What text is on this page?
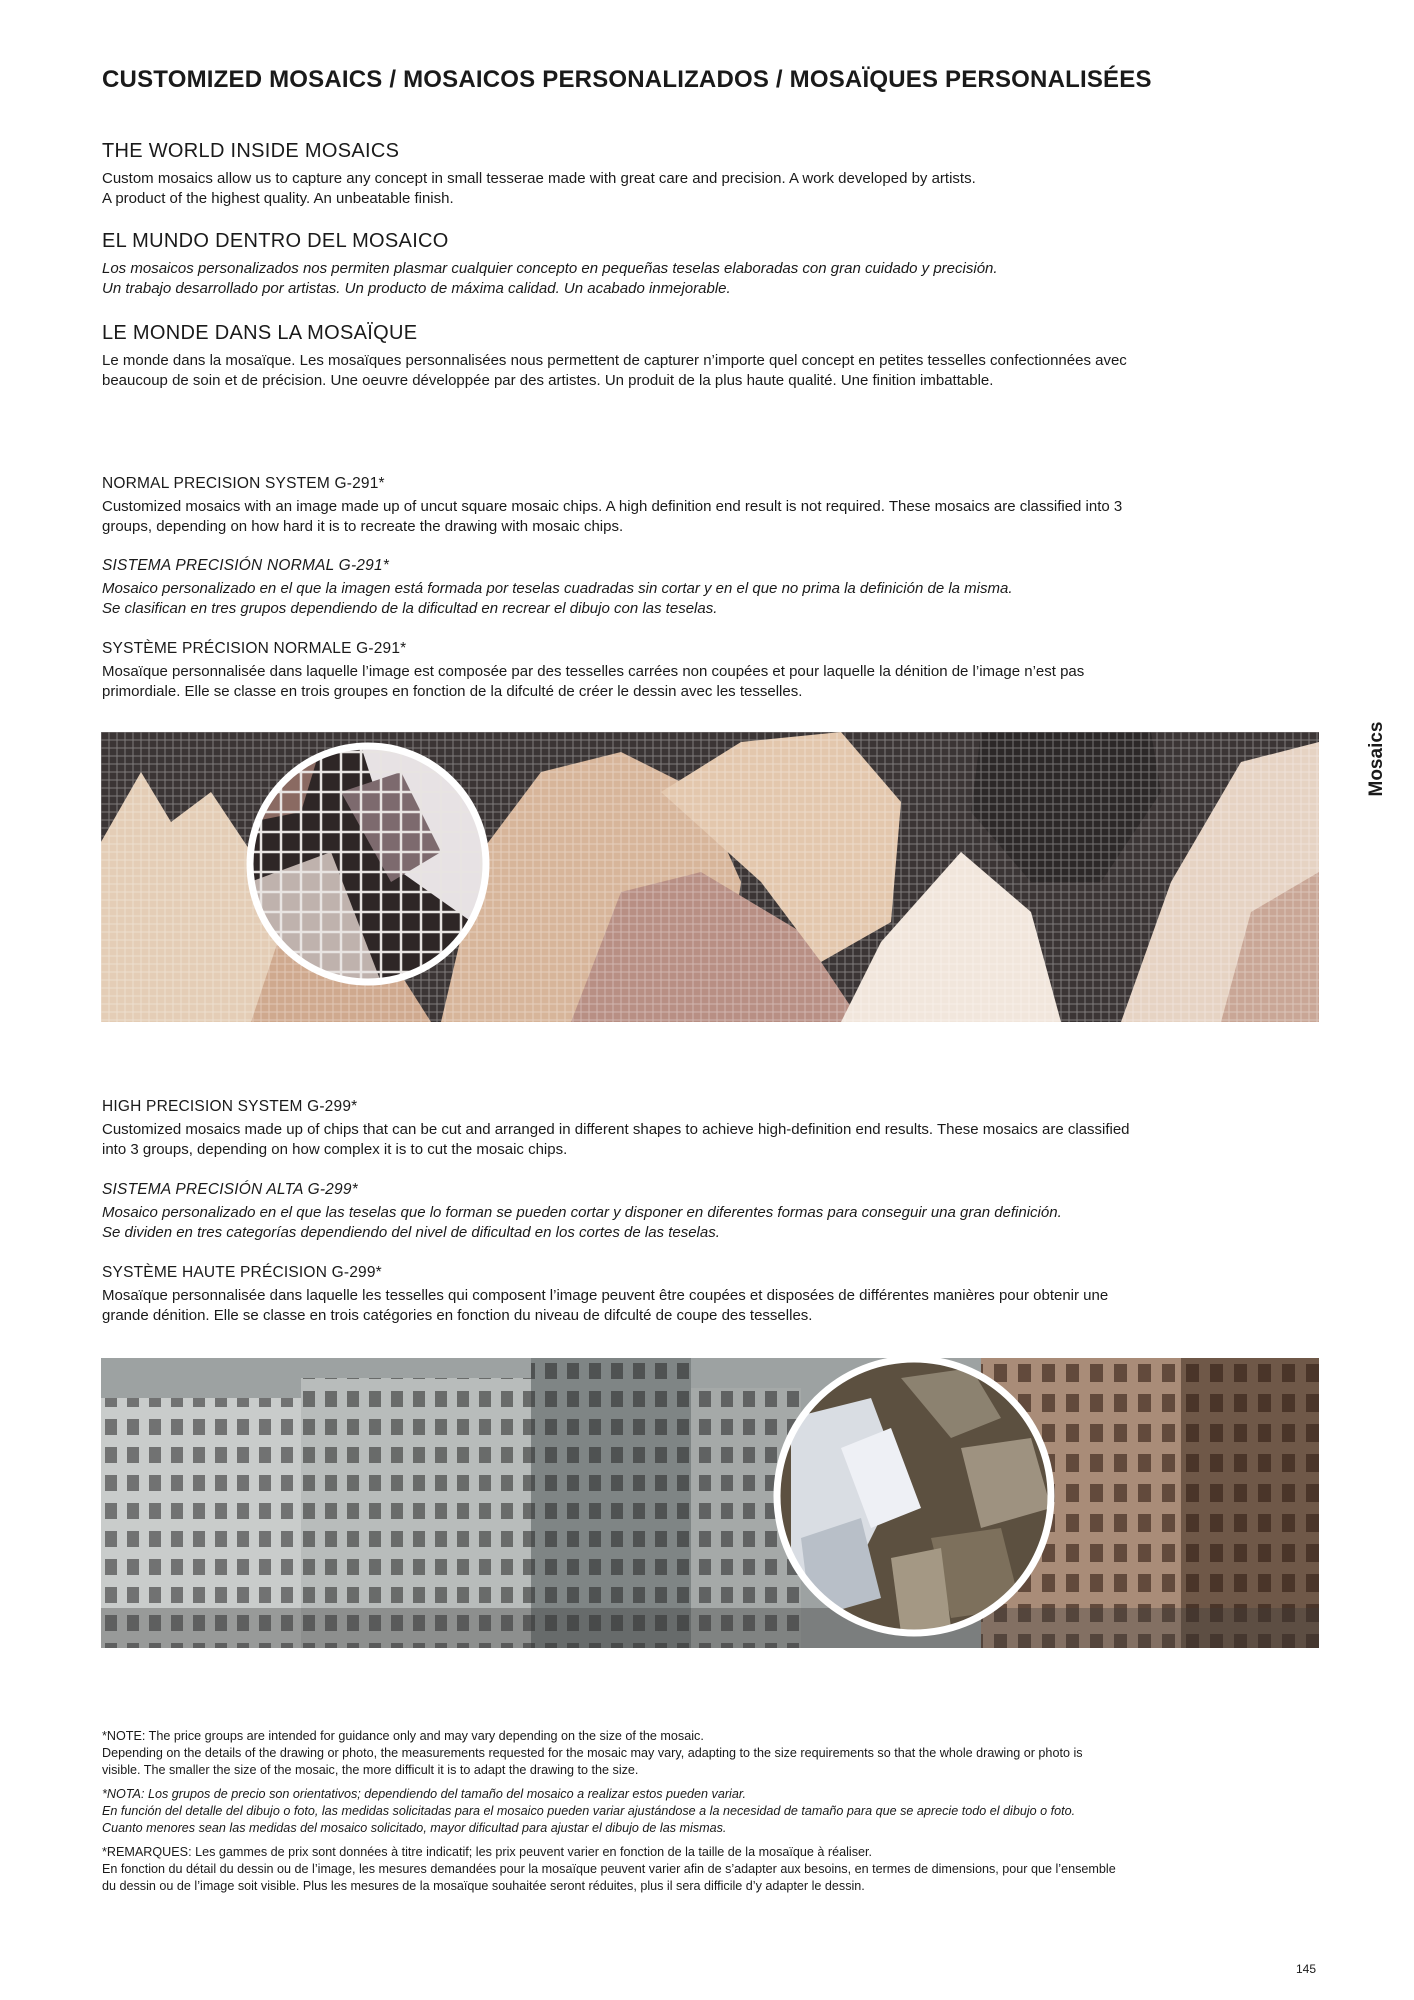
CUSTOMIZED MOSAICS / MOSAICOS PERSONALIZADOS / MOSAÏQUES PERSONALISÉES
Mosaics
THE WORLD INSIDE MOSAICS

Custom mosaics allow us to capture any concept in small tesserae made with great care and precision. A work developed by artists.

A product of the highest quality. An unbeatable finish.

EL MUNDO DENTRO DEL MOSAICO

Los mosaicos personalizados nos permiten plasmar cualquier concepto en pequeñas teselas elaboradas con gran cuidado y precisión.

Un trabajo desarrollado por artistas. Un producto de máxima calidad. Un acabado inmejorable.

LE MONDE DANS LA MOSAÏQUE

Le monde dans la mosaïque. Les mosaïques personnalisées nous permettent de capturer n’importe quel concept en petites tesselles confectionnées avec

beaucoup de soin et de précision. Une oeuvre développée par des artistes. Un produit de la plus haute qualité. Une finition imbattable.

NORMAL PRECISION SYSTEM G-291*

Customized mosaics with an image made up of uncut square mosaic chips. A high definition end result is not required. These mosaics are classified into 3

groups, depending on how hard it is to recreate the drawing with mosaic chips.

SISTEMA PRECISIÓN NORMAL G-291*

Mosaico personalizado en el que la imagen está formada por teselas cuadradas sin cortar y en el que no prima la definición de la misma.

Se clasifican en tres grupos dependiendo de la dificultad en recrear el dibujo con las teselas.

SYSTÈME PRÉCISION NORMALE G-291*

Mosaïque personnalisée dans laquelle l’image est composée par des tesselles carrées non coupées et pour laquelle la dénition de l’image n’est pas

primordiale. Elle se classe en trois groupes en fonction de la difculté de créer le dessin avec les tesselles.

HIGH PRECISION SYSTEM G-299*

Customized mosaics made up of chips that can be cut and arranged in different shapes to achieve high-definition end results. These mosaics are classified

into 3 groups, depending on how complex it is to cut the mosaic chips.

SISTEMA PRECISIÓN ALTA G-299*

Mosaico personalizado en el que las teselas que lo forman se pueden cortar y disponer en diferentes formas para conseguir una gran definición.

Se dividen en tres categorías dependiendo del nivel de dificultad en los cortes de las teselas.

SYSTÈME HAUTE PRÉCISION G-299*

Mosaïque personnalisée dans laquelle les tesselles qui composent l’image peuvent être coupées et disposées de différentes manières pour obtenir une

grande dénition. Elle se classe en trois catégories en fonction du niveau de difculté de coupe des tesselles.

*NOTE: The price groups are intended for guidance only and may vary depending on the size of the mosaic.

Depending on the details of the drawing or photo, the measurements requested for the mosaic may vary, adapting to the size requirements so that the whole drawing or photo is

visible. The smaller the size of the mosaic, the more difficult it is to adapt the drawing to the size.

*NOTA: Los grupos de precio son orientativos; dependiendo del tamaño del mosaico a realizar estos pueden variar.

En función del detalle del dibujo o foto, las medidas solicitadas para el mosaico pueden variar ajustándose a la necesidad de tamaño para que se aprecie todo el dibujo o foto.

Cuanto menores sean las medidas del mosaico solicitado, mayor dificultad para ajustar el dibujo de las mismas.

*REMARQUES: Les gammes de prix sont données à titre indicatif; les prix peuvent varier en fonction de la taille de la mosaïque à réaliser.

En fonction du détail du dessin ou de l’image, les mesures demandées pour la mosaïque peuvent varier afin de s’adapter aux besoins, en termes de dimensions, pour que l’ensemble

du dessin ou de l’image soit visible. Plus les mesures de la mosaïque souhaitée seront réduites, plus il sera difficile d’y adapter le dessin.

145
